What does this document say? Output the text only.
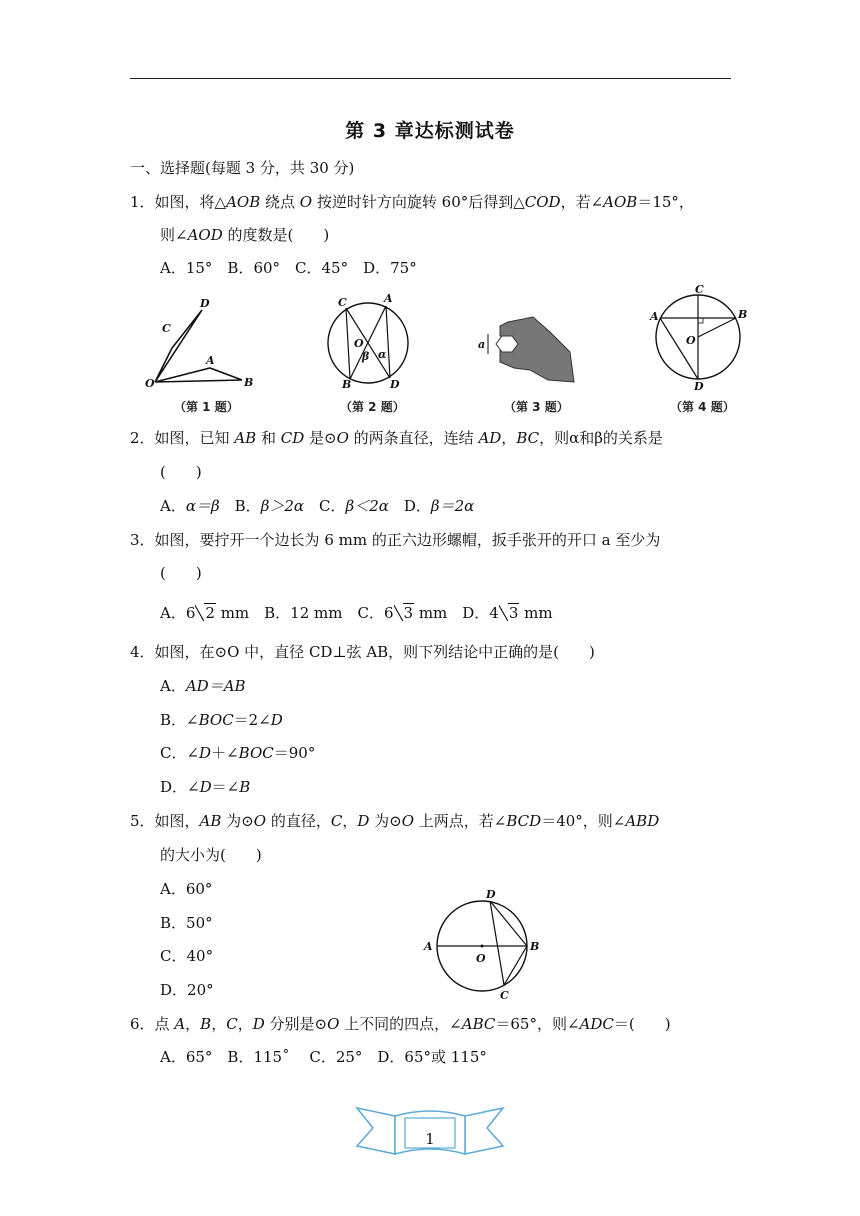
第 3 章达标测试卷
一、选择题(每题 3 分，共 30 分)
1．如图，将△AOB 绕点 O 按逆时针方向旋转 60°后得到△COD，若∠AOB＝15°，
则∠AOD 的度数是(　　)
A．15°　B．60°　C．45°　D．75°
D
C
A
O	B
（第 1 题）
C	A
O
β α
B	D
（第 2 题）
a
（第 3 题）
C
A	B
O
D
（第 4 题）
2．如图，已知 AB 和 CD 是⊙O 的两条直径，连结 AD，BC，则α和β的关系是
(　　)
A．α＝β　B．β＞2α　C．β＜2α　D．β＝2α
3．如图，要拧开一个边长为 6 mm 的正六边形螺帽，扳手张开的开口 a 至少为
(　　)
A．6 2 mm　B．12 mm　C．6 3 mm　D．4 3 mm
4．如图，在⊙O 中，直径 CD⊥弦 AB，则下列结论中正确的是(　　)
A．AD＝AB
B．∠BOC＝2∠D
C．∠D＋∠BOC＝90°
D．∠D＝∠B
5．如图，AB 为⊙O 的直径，C，D 为⊙O 上两点，若∠BCD＝40°，则∠ABD
的大小为(　　)
A．60°
B．50°
C．40°
D．20°
D
A
O
B
C
6．点 A，B，C，D 分别是⊙O 上不同的四点，∠ABC＝65°，则∠ADC＝(　　)
A．65°　B．115˚　 C．25°　D．65°或 115°
1
